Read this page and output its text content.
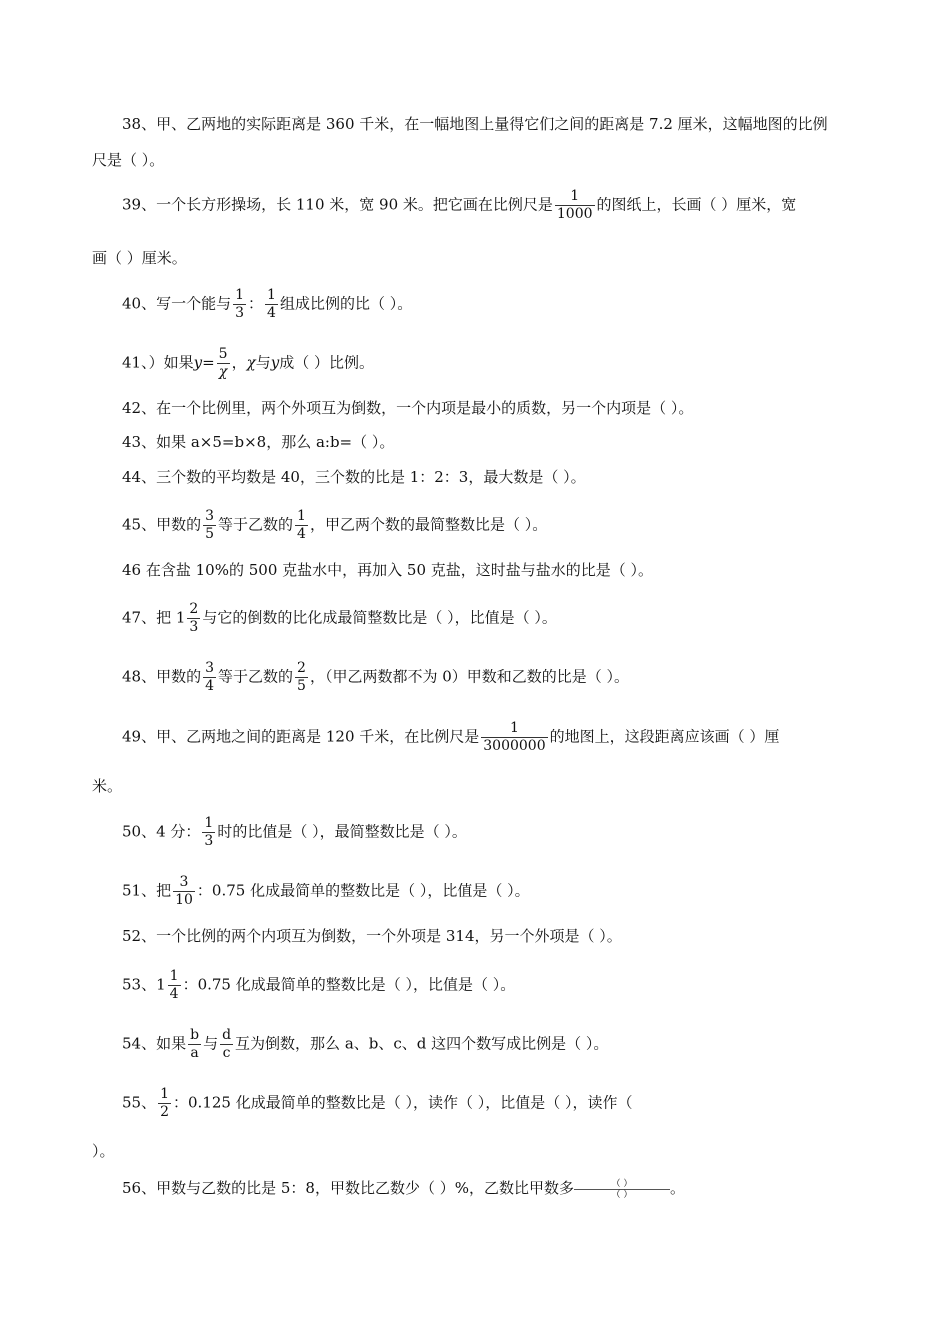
38、甲、乙两地的实际距离是 360 千米，在一幅地图上量得它们之间的距离是 7.2 厘米，这幅地图的比例
尺是（ ）。
39、一个长方形操场，长 110 米，宽 90 米。把它画在比例尺是 $\frac{1}{1000}$ 的图纸上，长画（ ）厘米，宽
画（ ）厘米。
40、写一个能与 $\frac{1}{3}$ ： $\frac{1}{4}$ 组成比例的比（ ）。
41、）如果$y= \frac{5}{\chi}$ ，χ与y成（ ）比例。
42、在一个比例里，两个外项互为倒数，一个内项是最小的质数，另一个内项是（ ）。
43、如果 a×5=b×8，那么 a:b=（ ）。
44、三个数的平均数是 40，三个数的比是 1：2：3，最大数是（ ）。
45、甲数的 $\frac{3}{5}$ 等于乙数的 $\frac{1}{4}$ ，甲乙两个数的最简整数比是（ ）。
46 在含盐 10%的 500 克盐水中，再加入 50 克盐，这时盐与盐水的比是（ ）。
47、把 $1 \frac{2}{3}$ 与它的倒数的比化成最简整数比是（ ），比值是（ ）。
48、甲数的 $\frac{3}{4}$ 等于乙数的 $\frac{2}{5}$ ，（甲乙两数都不为 0）甲数和乙数的比是（ ）。
49、甲、乙两地之间的距离是 120 千米，在比例尺是 $\frac{1}{3000000}$ 的地图上，这段距离应该画（ ）厘
米。
50、4 分： $\frac{1}{3}$ 时的比值是（ ），最简整数比是（ ）。
51、把 $\frac{3}{10}$ ：0.75 化成最简单的整数比是（ ），比值是（ ）。
52、一个比例的两个内项互为倒数，一个外项是 314，另一个外项是（ ）。
53、$1 \frac{1}{4}$ ：0.75 化成最简单的整数比是（ ），比值是（ ）。
54、如果 $\frac{b}{a}$ 与 $\frac{d}{c}$ 互为倒数，那么 a、b、c、d 这四个数写成比例是（ ）。
55、 $\frac{1}{2}$ ：0.125 化成最简单的整数比是（ ），读作（ ），比值是（ ），读作（
）。
56、甲数与乙数的比是 5：8，甲数比乙数少（ ）%，乙数比甲数多 $\frac{( )}{( )}$ 。
